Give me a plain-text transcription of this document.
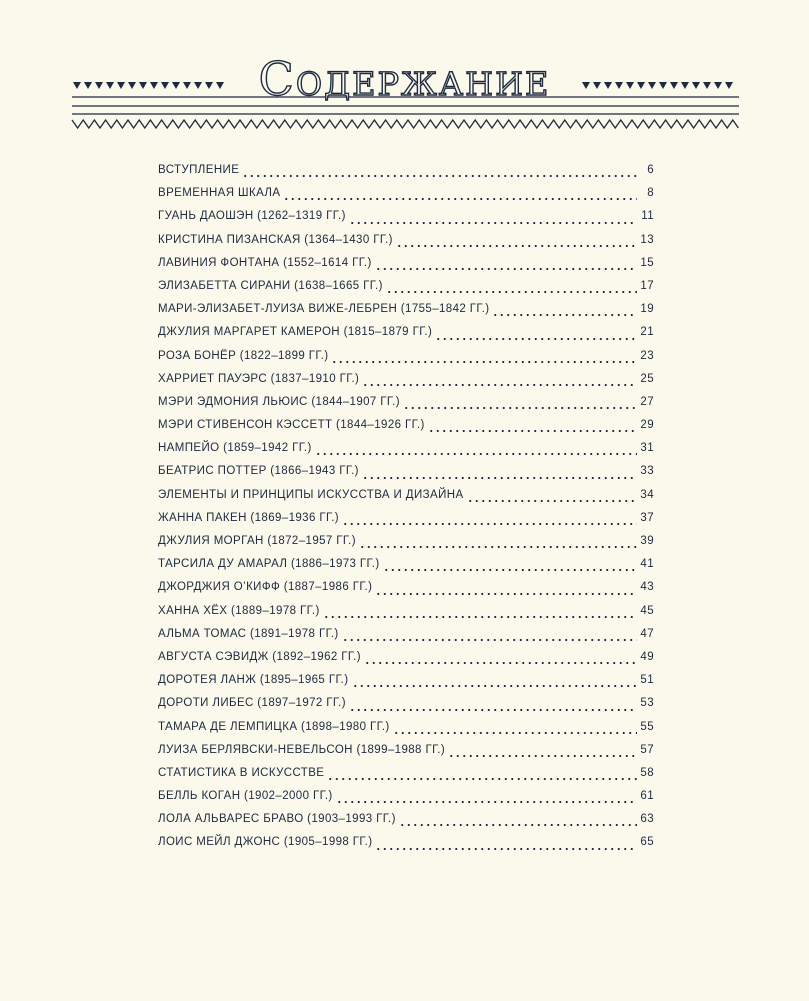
Содержание
ВСТУПЛЕНИЕ	6
ВРЕМЕННАЯ ШКАЛА	8
ГУАНЬ ДАОШЭН (1262–1319 ГГ.)	11
КРИСТИНА ПИЗАНСКАЯ (1364–1430 ГГ.)	13
ЛАВИНИЯ ФОНТАНА (1552–1614 ГГ.)	15
ЭЛИЗАБЕТТА СИРАНИ (1638–1665 ГГ.)	17
МАРИ-ЭЛИЗАБЕТ-ЛУИЗА ВИЖЕ-ЛЕБРЕН (1755–1842 ГГ.)	19
ДЖУЛИЯ МАРГАРЕТ КАМЕРОН (1815–1879 ГГ.)	21
РОЗА БОНЁР (1822–1899 ГГ.)	23
ХАРРИЕТ ПАУЭРС (1837–1910 ГГ.)	25
МЭРИ ЭДМОНИЯ ЛЬЮИС (1844–1907 ГГ.)	27
МЭРИ СТИВЕНСОН КЭССЕТТ (1844–1926 ГГ.)	29
НАМПЕЙО (1859–1942 ГГ.)	31
БЕАТРИС ПОТТЕР (1866–1943 ГГ.)	33
ЭЛЕМЕНТЫ И ПРИНЦИПЫ ИСКУССТВА И ДИЗАЙНА	34
ЖАННА ПАКЕН (1869–1936 ГГ.)	37
ДЖУЛИЯ МОРГАН (1872–1957 ГГ.)	39
ТАРСИЛА ДУ АМАРАЛ (1886–1973 ГГ.)	41
ДЖОРДЖИЯ О’КИФФ (1887–1986 ГГ.)	43
ХАННА ХЁХ (1889–1978 ГГ.)	45
АЛЬМА ТОМАС (1891–1978 ГГ.)	47
АВГУСТА СЭВИДЖ (1892–1962 ГГ.)	49
ДОРОТЕЯ ЛАНЖ (1895–1965 ГГ.)	51
ДОРОТИ ЛИБЕС (1897–1972 ГГ.)	53
ТАМАРА ДЕ ЛЕМПИЦКА (1898–1980 ГГ.)	55
ЛУИЗА БЕРЛЯВСКИ-НЕВЕЛЬСОН (1899–1988 ГГ.)	57
СТАТИСТИКА В ИСКУССТВЕ	58
БЕЛЛЬ КОГАН (1902–2000 ГГ.)	61
ЛОЛА АЛЬВАРЕС БРАВО (1903–1993 ГГ.)	63
ЛОИС МЕЙЛ ДЖОНС (1905–1998 ГГ.)	65
